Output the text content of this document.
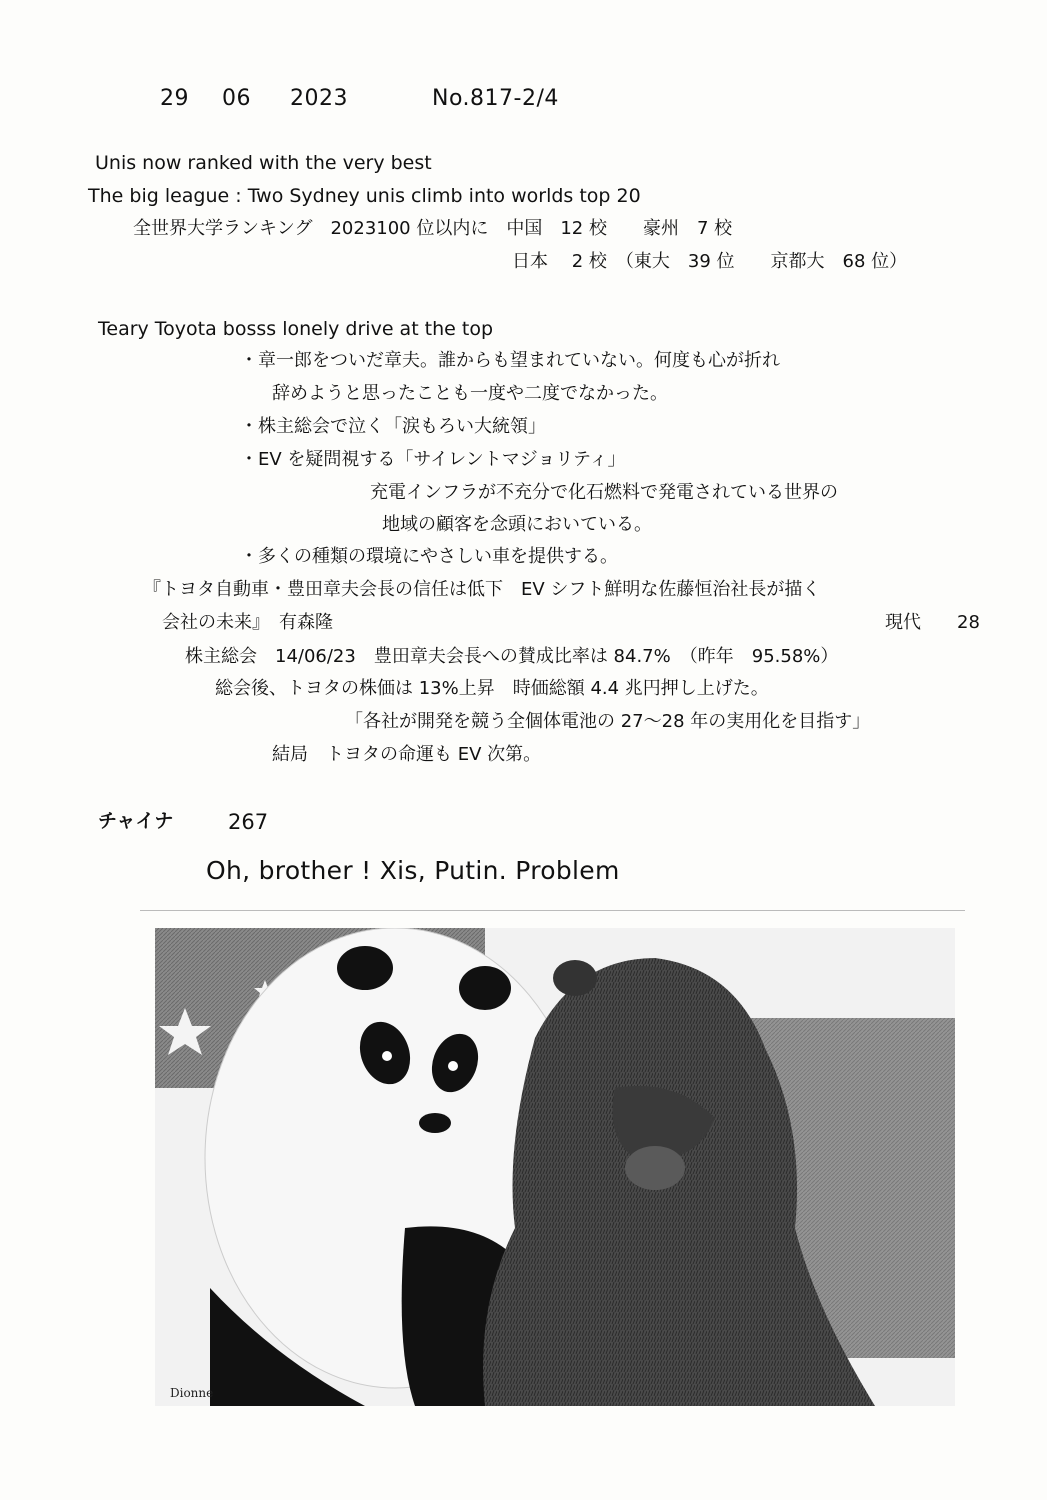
29 06 2023	No.817-2/4
Unis now ranked with the very best
The big league : Two Sydney unis climb into worlds top 20
全世界大学ランキング　2023100 位以内に　中国　12 校　　豪州　7 校
日本　 2 校　（東大　39 位　　京都大　68 位）
Teary Toyota bosss lonely drive at the top
・章一郎をついだ章夫。誰からも望まれていない。何度も心が折れ
辞めようと思ったことも一度や二度でなかった。
・株主総会で泣く「涙もろい大統領」
・EV を疑問視する「サイレントマジョリティ」
充電インフラが不充分で化石燃料で発電されている世界の
地域の顧客を念頭においている。
・多くの種類の環境にやさしい車を提供する。
『トヨタ自動車・豊田章夫会長の信任は低下　EV シフト鮮明な佐藤恒治社長が描く
会社の未来』　有森隆	現代　　28
株主総会　14/06/23　豊田章夫会長への賛成比率は 84.7%　（昨年　95.58%）
総会後、トヨタの株価は 13%上昇　時価総額 4.4 兆円押し上げた。
「各社が開発を競う全個体電池の 27～28 年の実用化を目指す」
結局　トヨタの命運も EV 次第。
チャイナ	267
Oh, brother ! Xis, Putin. Problem
Dionne
